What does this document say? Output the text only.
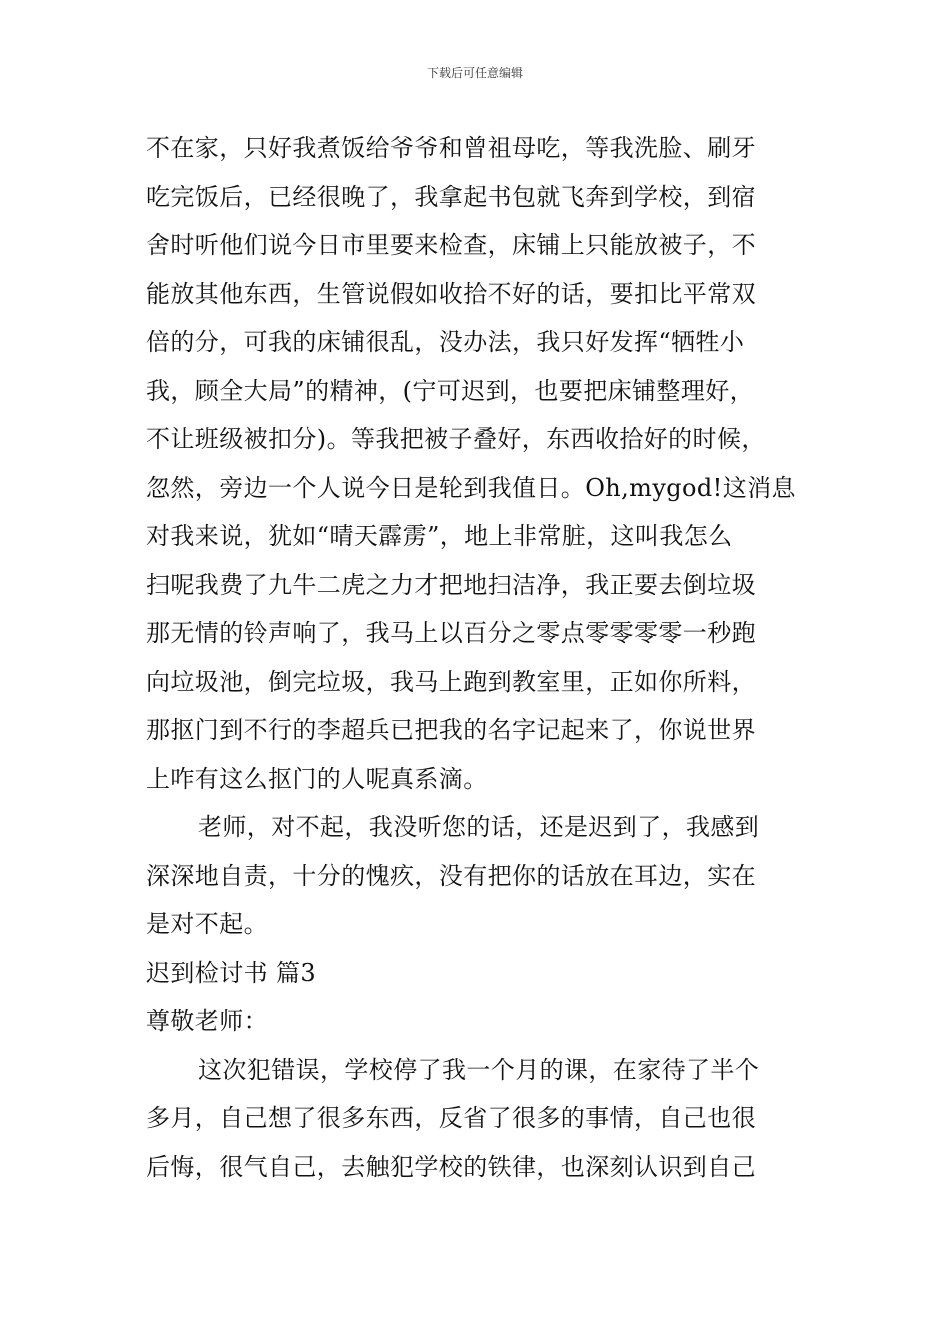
下载后可任意编辑
不在家，只好我煮饭给爷爷和曾祖母吃，等我洗脸、刷牙
吃完饭后，已经很晚了，我拿起书包就飞奔到学校，到宿
舍时听他们说今日市里要来检查，床铺上只能放被子，不
能放其他东西，生管说假如收拾不好的话，要扣比平常双
倍的分，可我的床铺很乱，没办法，我只好发挥“牺牲小
我，顾全大局”的精神，(宁可迟到，也要把床铺整理好，
不让班级被扣分)。等我把被子叠好，东西收拾好的时候，
忽然，旁边一个人说今日是轮到我值日。Oh,mygod!这消息
对我来说，犹如“晴天霹雳”，地上非常脏，这叫我怎么
扫呢我费了九牛二虎之力才把地扫洁净，我正要去倒垃圾
那无情的铃声响了，我马上以百分之零点零零零零一秒跑
向垃圾池，倒完垃圾，我马上跑到教室里，正如你所料，
那抠门到不行的李超兵已把我的名字记起来了，你说世界
上咋有这么抠门的人呢真系滴。
老师，对不起，我没听您的话，还是迟到了，我感到
深深地自责，十分的愧疚，没有把你的话放在耳边，实在
是对不起。
迟到检讨书 篇3
尊敬老师：
这次犯错误，学校停了我一个月的课，在家待了半个
多月，自己想了很多东西，反省了很多的事情，自己也很
后悔，很气自己，去触犯学校的铁律，也深刻认识到自己
